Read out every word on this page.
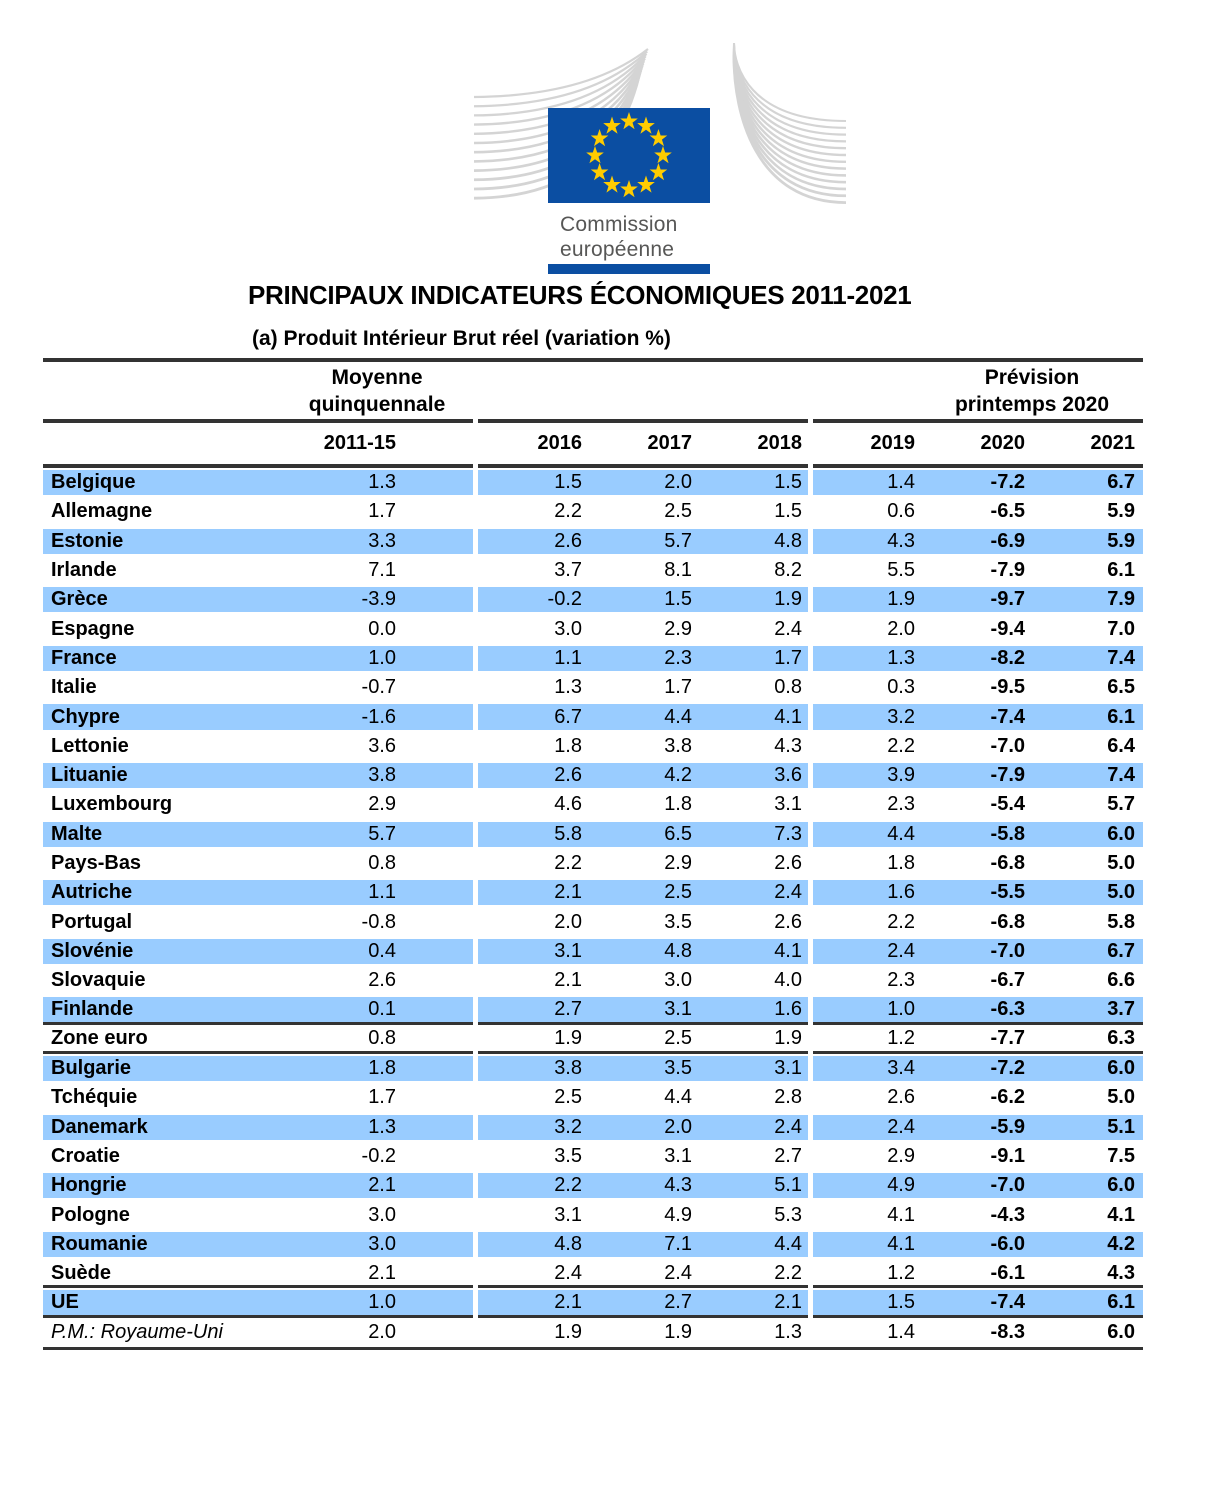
Commission
européenne
PRINCIPAUX INDICATEURS ÉCONOMIQUES 2011-2021
(a) Produit Intérieur Brut réel (variation %)
Moyenne
quinquennale
Prévision
printemps 2020
2011-15	2016	2017	2018	2019	2020	2021
Belgique	1.3	1.5	2.0	1.5	1.4	-7.2	6.7
Allemagne	1.7	2.2	2.5	1.5	0.6	-6.5	5.9
Estonie	3.3	2.6	5.7	4.8	4.3	-6.9	5.9
Irlande	7.1	3.7	8.1	8.2	5.5	-7.9	6.1
Grèce	-3.9	-0.2	1.5	1.9	1.9	-9.7	7.9
Espagne	0.0	3.0	2.9	2.4	2.0	-9.4	7.0
France	1.0	1.1	2.3	1.7	1.3	-8.2	7.4
Italie	-0.7	1.3	1.7	0.8	0.3	-9.5	6.5
Chypre	-1.6	6.7	4.4	4.1	3.2	-7.4	6.1
Lettonie	3.6	1.8	3.8	4.3	2.2	-7.0	6.4
Lituanie	3.8	2.6	4.2	3.6	3.9	-7.9	7.4
Luxembourg	2.9	4.6	1.8	3.1	2.3	-5.4	5.7
Malte	5.7	5.8	6.5	7.3	4.4	-5.8	6.0
Pays-Bas	0.8	2.2	2.9	2.6	1.8	-6.8	5.0
Autriche	1.1	2.1	2.5	2.4	1.6	-5.5	5.0
Portugal	-0.8	2.0	3.5	2.6	2.2	-6.8	5.8
Slovénie	0.4	3.1	4.8	4.1	2.4	-7.0	6.7
Slovaquie	2.6	2.1	3.0	4.0	2.3	-6.7	6.6
Finlande	0.1	2.7	3.1	1.6	1.0	-6.3	3.7
Zone euro	0.8	1.9	2.5	1.9	1.2	-7.7	6.3
Bulgarie	1.8	3.8	3.5	3.1	3.4	-7.2	6.0
Tchéquie	1.7	2.5	4.4	2.8	2.6	-6.2	5.0
Danemark	1.3	3.2	2.0	2.4	2.4	-5.9	5.1
Croatie	-0.2	3.5	3.1	2.7	2.9	-9.1	7.5
Hongrie	2.1	2.2	4.3	5.1	4.9	-7.0	6.0
Pologne	3.0	3.1	4.9	5.3	4.1	-4.3	4.1
Roumanie	3.0	4.8	7.1	4.4	4.1	-6.0	4.2
Suède	2.1	2.4	2.4	2.2	1.2	-6.1	4.3
UE	1.0	2.1	2.7	2.1	1.5	-7.4	6.1
P.M.: Royaume-Uni	2.0	1.9	1.9	1.3	1.4	-8.3	6.0
